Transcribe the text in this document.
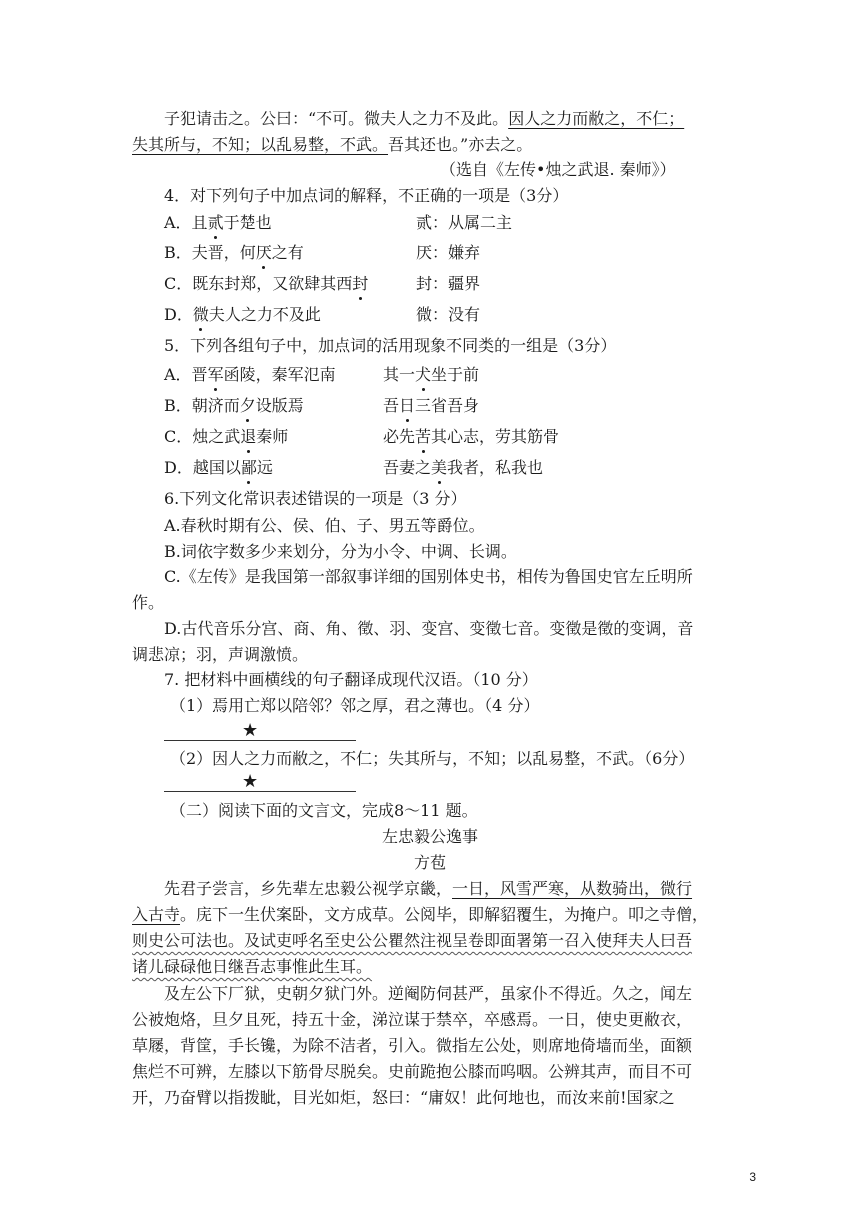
子犯请击之。公曰：“不可。微夫人之力不及此。因人之力而敝之，不仁；
失其所与，不知；以乱易整，不武。吾其还也。”亦去之。
（选自《左传•烛之武退. 秦师》）
4．对下列句子中加点词的解释，不正确的一项是（3分）
A．且贰于楚也	贰：从属二主
B．夫晋，何厌之有	厌：嫌弃
C．既东封郑，又欲肆其西封	封：疆界
D．微夫人之力不及此	微：没有
5．下列各组句子中，加点词的活用现象不同类的一组是（3分）
A．晋军函陵，秦军氾南	其一犬坐于前
B．朝济而夕设版焉	吾日三省吾身
C．烛之武退秦师	必先苦其心志，劳其筋骨
D．越国以鄙远	吾妻之美我者，私我也
6.下列文化常识表述错误的一项是（3 分）
A.春秋时期有公、侯、伯、子、男五等爵位。
B.词依字数多少来划分，分为小令、中调、长调。
C.《左传》是我国第一部叙事详细的国别体史书，相传为鲁国史官左丘明所
作。
D.古代音乐分宫、商、角、徵、羽、变宫、变徵七音。变徵是徵的变调，音
调悲凉；羽，声调激愤。
7. 把材料中画横线的句子翻译成现代汉语。（10 分）
（1）焉用亡郑以陪邻？邻之厚，君之薄也。（4 分）
★
（2）因人之力而敝之，不仁；失其所与，不知；以乱易整，不武。（6分）
★
（二）阅读下面的文言文，完成8～11 题。
左忠毅公逸事
方苞
先君子尝言，乡先辈左忠毅公视学京畿，一日，风雪严寒，从数骑出，微行
入古寺。庑下一生伏案卧，文方成草。公阅毕，即解貂覆生，为掩户。叩之寺僧，
则史公可法也。及试吏呼名至史公公瞿然注视呈卷即面署第一召入使拜夫人曰吾
诸儿碌碌他日继吾志事惟此生耳。
及左公下厂狱，史朝夕狱门外。逆阉防伺甚严，虽家仆不得近。久之，闻左
公被炮烙，旦夕且死，持五十金，涕泣谋于禁卒，卒感焉。一日，使史更敝衣，
草屦，背筐，手长镵，为除不洁者，引入。微指左公处，则席地倚墙而坐，面额
焦烂不可辨，左膝以下筋骨尽脱矣。史前跪抱公膝而呜咽。公辨其声，而目不可
开，乃奋臂以指拨眦，目光如炬，怒曰：“庸奴！此何地也，而汝来前!国家之
3
